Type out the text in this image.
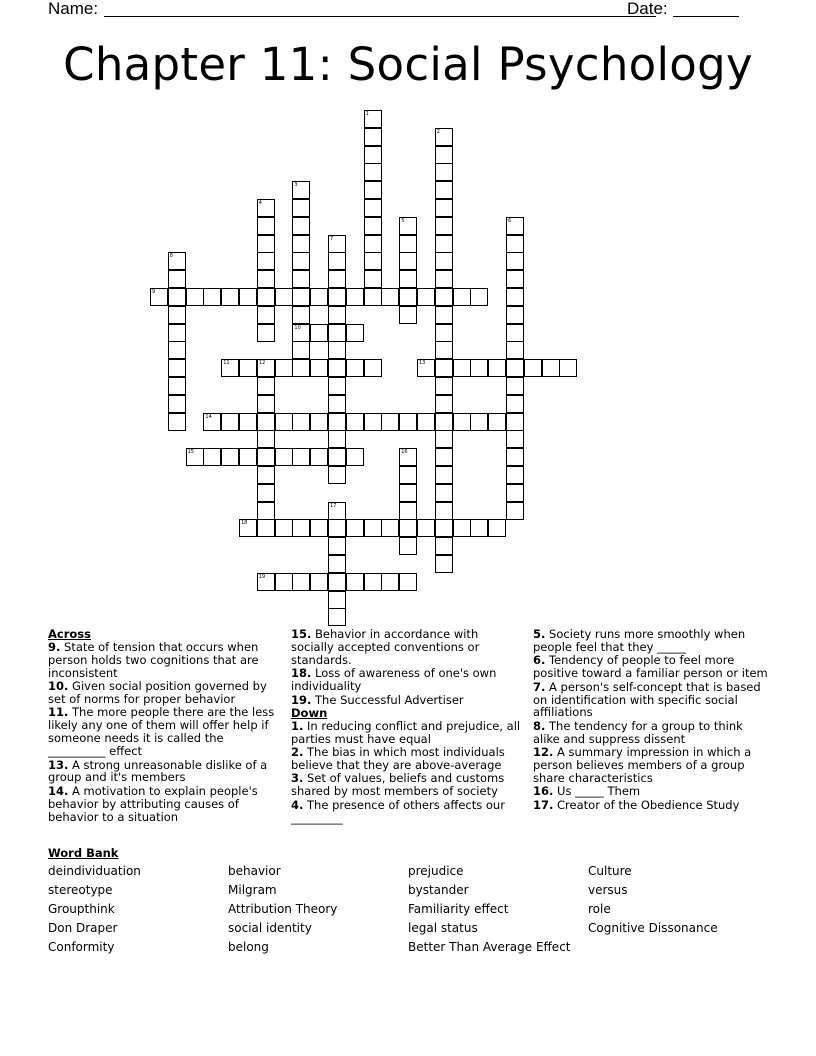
Name:	Date:
Chapter 11: Social Psychology
1
2
3
10
4
5	6
7
8
9
11	12	13
14
15	16
17
18
19
Across
9. State of tension that occurs when person holds two cognitions that are inconsistent
10. Given social position governed by set of norms for proper behavior
11. The more people there are the less likely any one of them will offer help if someone needs it is called the __________ effect
13. A strong unreasonable dislike of a group and it's members
14. A motivation to explain people's behavior by attributing causes of behavior to a situation
15. Behavior in accordance with socially accepted conventions or standards.
18. Loss of awareness of one's own individuality
19. The Successful Advertiser
Down
1. In reducing conflict and prejudice, all parties must have equal
2. The bias in which most individuals believe that they are above-average
3. Set of values, beliefs and customs shared by most members of society
4. The presence of others affects our _________
5. Society runs more smoothly when people feel that they _____
6. Tendency of people to feel more positive toward a familiar person or item
7. A person's self-concept that is based on identification with specific social affiliations
8. The tendency for a group to think alike and suppress dissent
12. A summary impression in which a person believes members of a group share characteristics
16. Us _____ Them
17. Creator of the Obedience Study
Word Bank
deindividuation	behavior	prejudice	Culture
stereotype	Milgram	bystander	versus
Groupthink	Attribution Theory	Familiarity effect	role
Don Draper	social identity	legal status	Cognitive Dissonance
Conformity	belong	Better Than Average Effect
